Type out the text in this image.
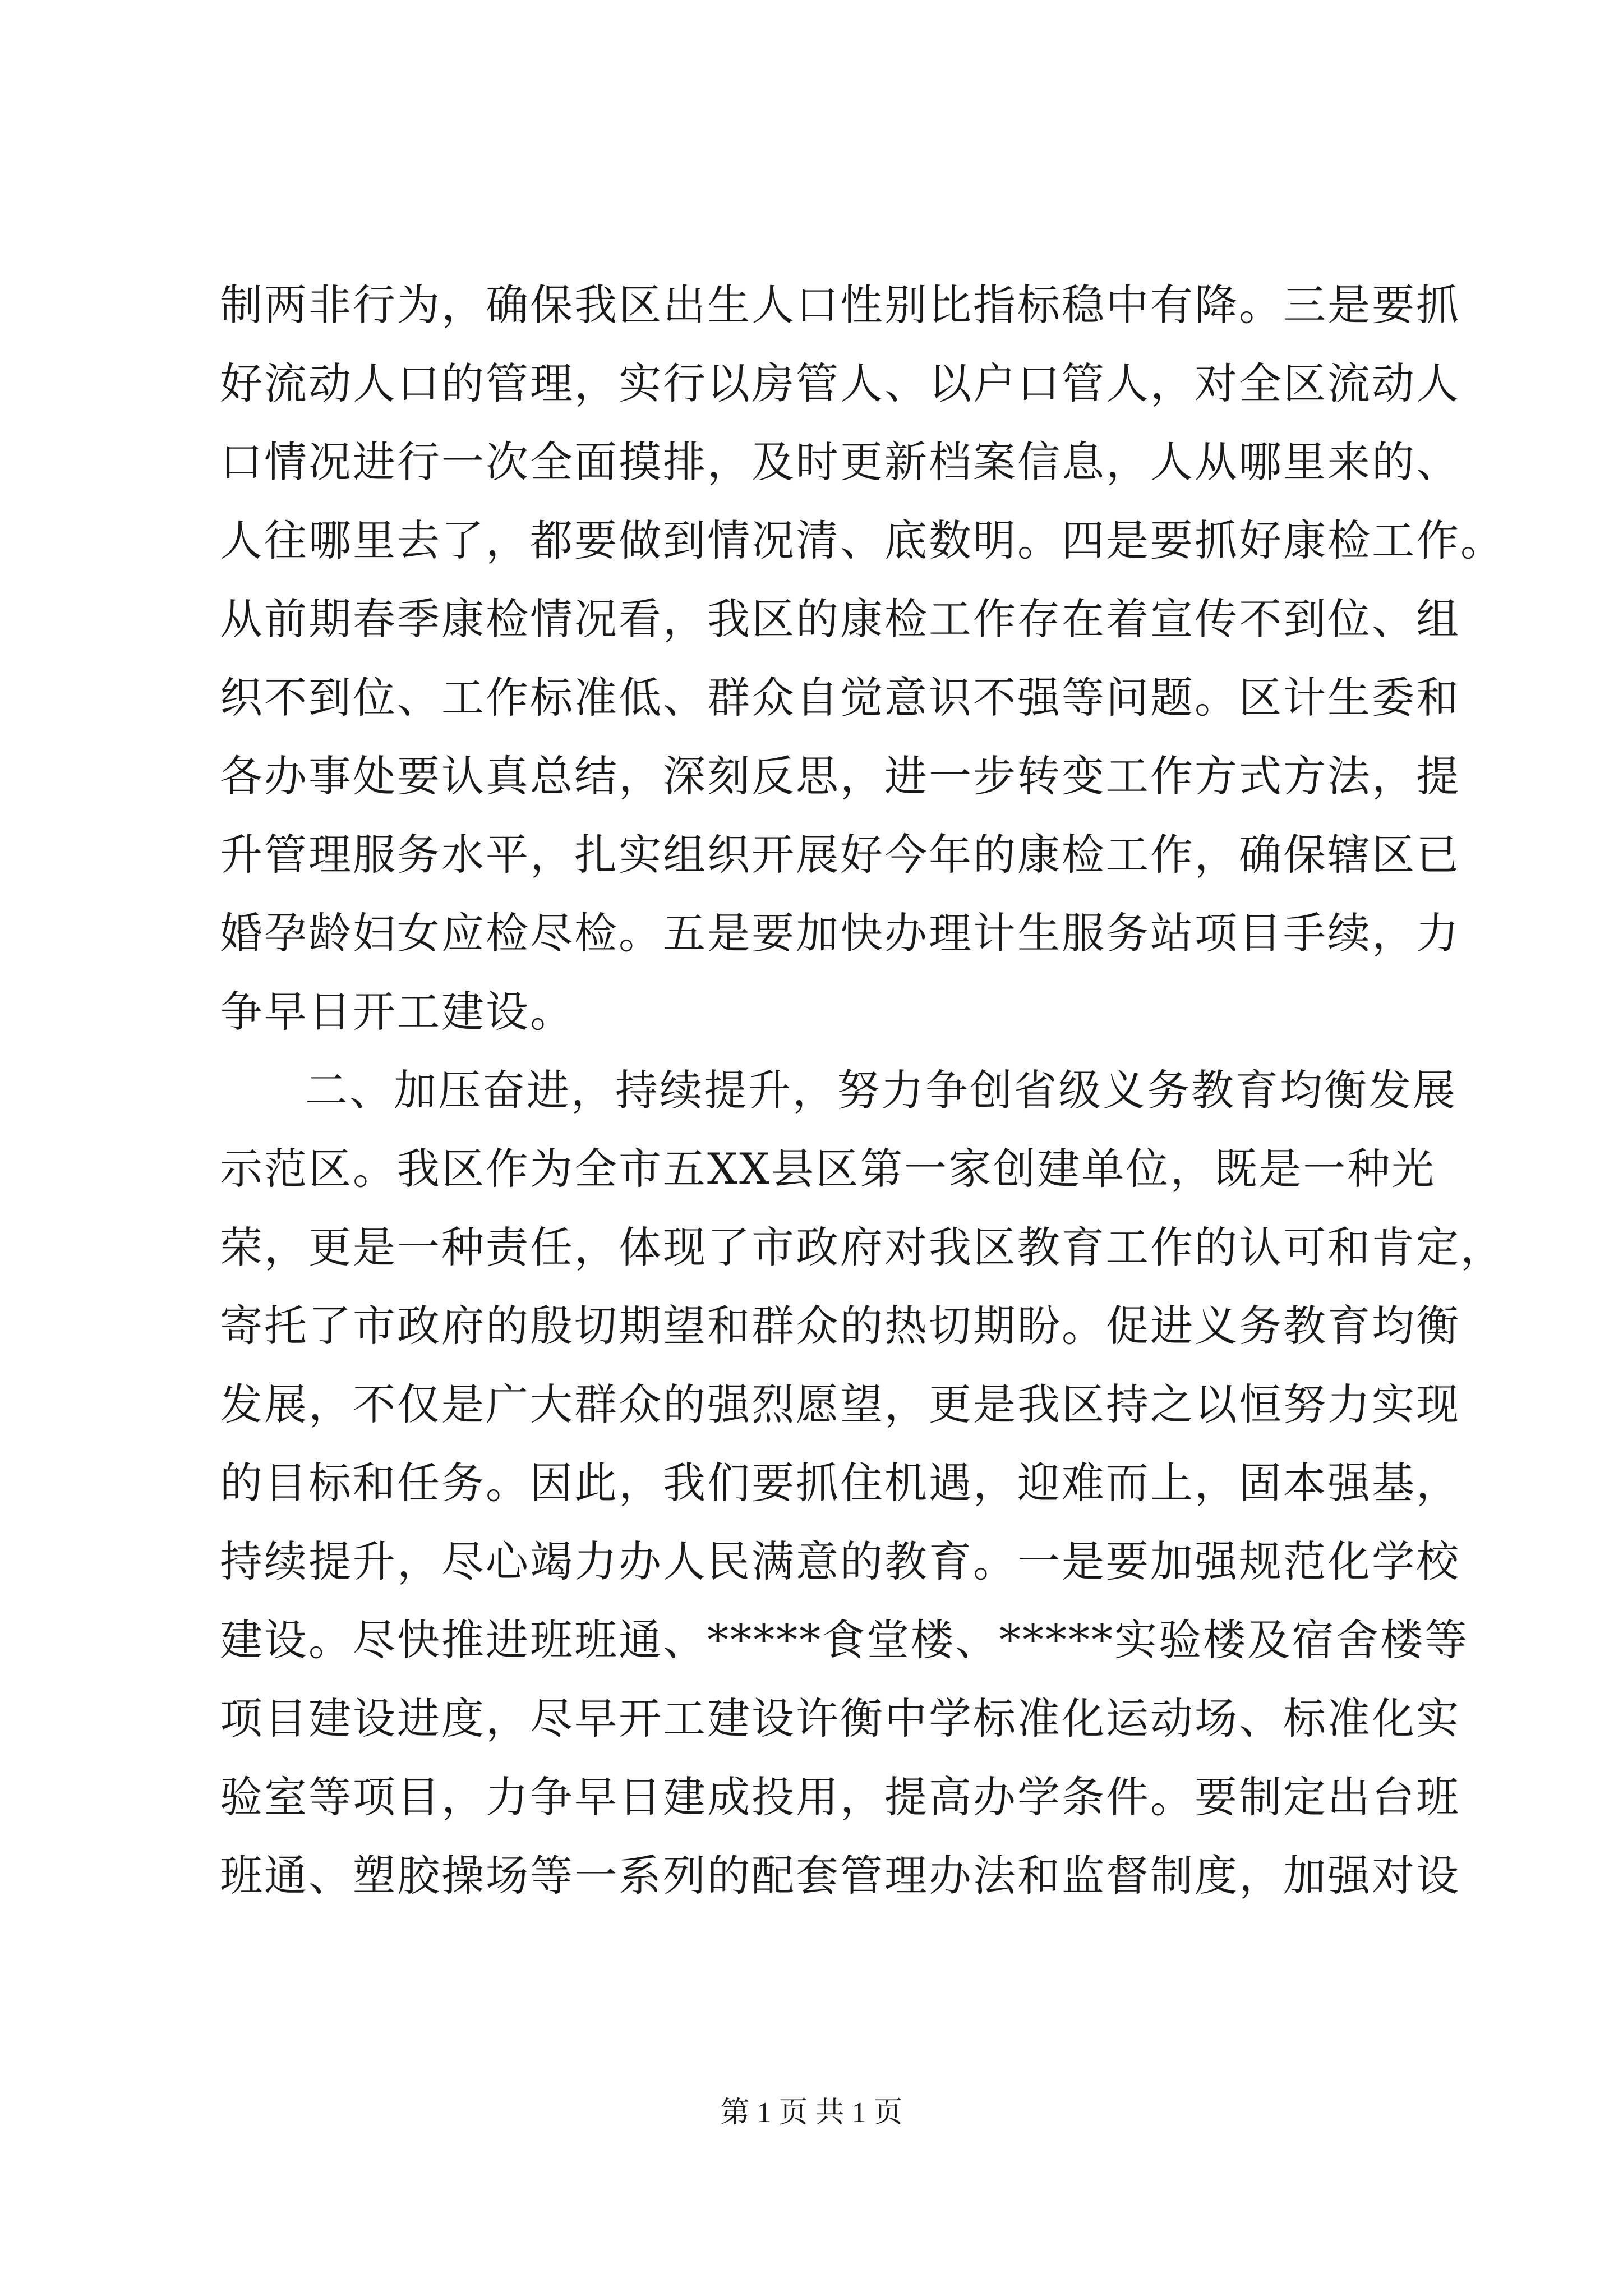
制两非行为，确保我区出生人口性别比指标稳中有降。三是要抓
好流动人口的管理，实行以房管人、以户口管人，对全区流动人
口情况进行一次全面摸排，及时更新档案信息，人从哪里来的、
人往哪里去了，都要做到情况清、底数明。四是要抓好康检工作。
从前期春季康检情况看，我区的康检工作存在着宣传不到位、组
织不到位、工作标准低、群众自觉意识不强等问题。区计生委和
各办事处要认真总结，深刻反思，进一步转变工作方式方法，提
升管理服务水平，扎实组织开展好今年的康检工作，确保辖区已
婚孕龄妇女应检尽检。五是要加快办理计生服务站项目手续，力
争早日开工建设。
二、加压奋进，持续提升，努力争创省级义务教育均衡发展
示范区。我区作为全市五XX县区第一家创建单位，既是一种光
荣，更是一种责任，体现了市政府对我区教育工作的认可和肯定，
寄托了市政府的殷切期望和群众的热切期盼。促进义务教育均衡
发展，不仅是广大群众的强烈愿望，更是我区持之以恒努力实现
的目标和任务。因此，我们要抓住机遇，迎难而上，固本强基，
持续提升，尽心竭力办人民满意的教育。一是要加强规范化学校
建设。尽快推进班班通、*****食堂楼、*****实验楼及宿舍楼等
项目建设进度，尽早开工建设许衡中学标准化运动场、标准化实
验室等项目，力争早日建成投用，提高办学条件。要制定出台班
班通、塑胶操场等一系列的配套管理办法和监督制度，加强对设
第 1 页 共 1 页
